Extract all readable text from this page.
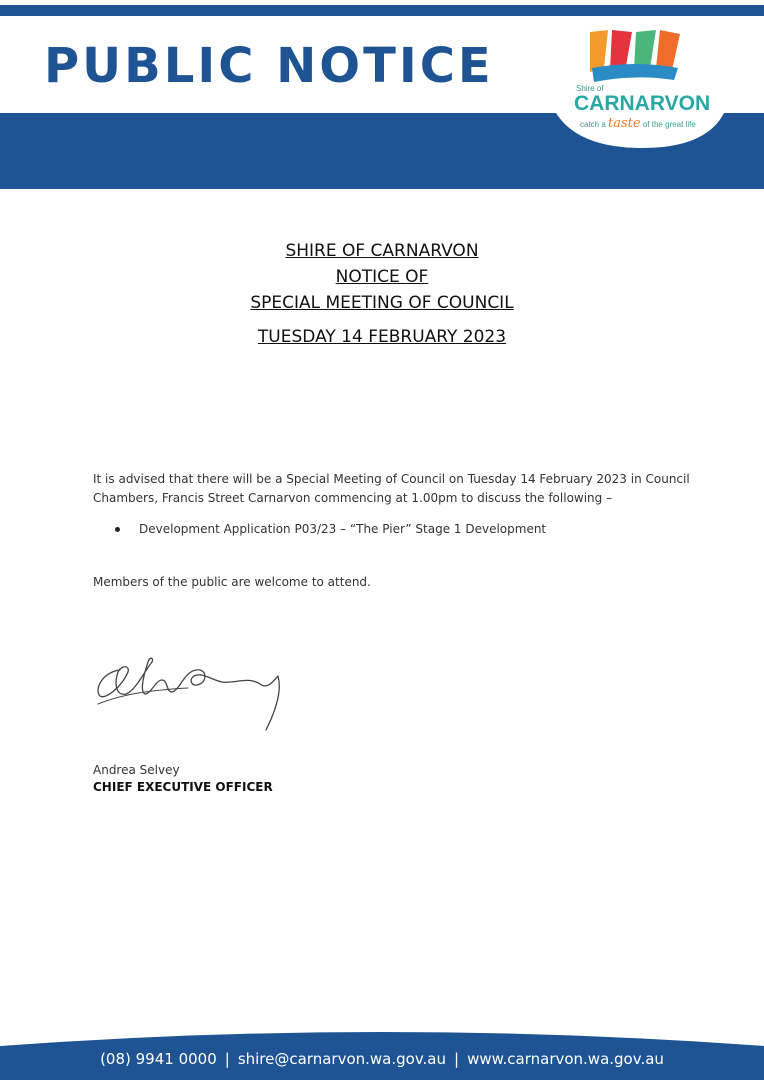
PUBLIC NOTICE	Shire of
CARNARVON
catch a taste of the great life

SHIRE OF CARNARVON

NOTICE OF

SPECIAL MEETING OF COUNCIL

TUESDAY 14 FEBRUARY 2023

It is advised that there will be a Special Meeting of Council on Tuesday 14 February 2023 in Council Chambers, Francis Street Carnarvon commencing at 1.00pm to discuss the following –

Development Application P03/23 – “The Pier” Stage 1 Development

Members of the public are welcome to attend.

Andrea Selvey

CHIEF EXECUTIVE OFFICER

(08) 9941 0000 | shire@carnarvon.wa.gov.au | www.carnarvon.wa.gov.au
